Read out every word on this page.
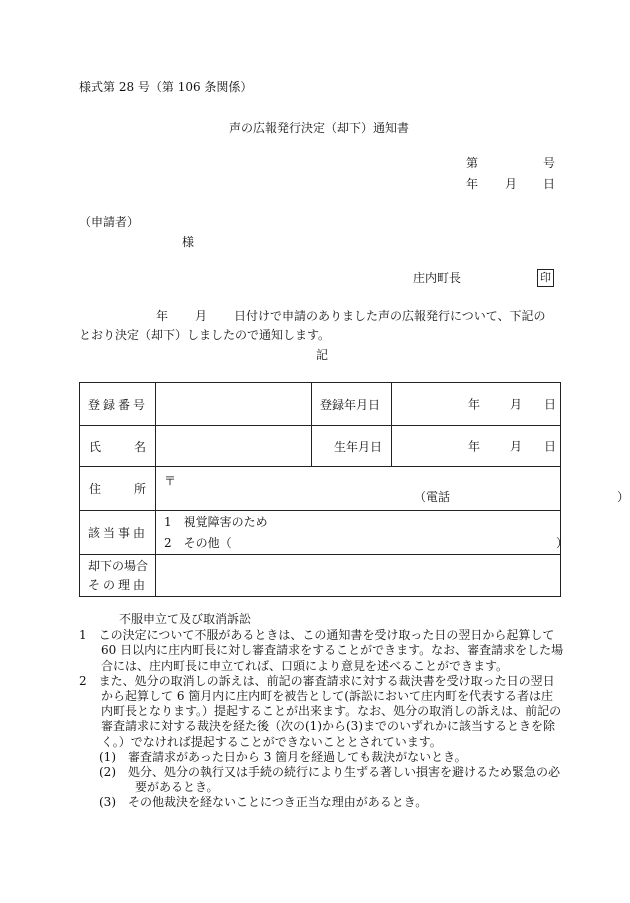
様式第 28 号（第 106 条関係）
声の広報発行決定（却下）通知書
第	号
年 月 日
（申請者）
様
庄内町長	印
年 月 日付けで申請のありました声の広報発行について、下記の
とおり決定（却下）しましたので通知します。
記
登録番号		登録年月日	年 月 日

氏 名		生年月日	年 月 日

住 所	〒
（電話 ）		

該当事由	1　視覚障害のため
2　その他（ ）		

却下の場合
その理由			

不服申立て及び取消訴訟
1　この決定について不服があるときは、この通知書を受け取った日の翌日から起算して 60 日以内に庄内町長に対し審査請求をすることができます。なお、審査請求をした場合には、庄内町長に申立てれば、口頭により意見を述べることができます。
2　また、処分の取消しの訴えは、前記の審査請求に対する裁決書を受け取った日の翌日から起算して 6 箇月内に庄内町を被告として(訴訟において庄内町を代表する者は庄内町長となります。）提起することが出来ます。なお、処分の取消しの訴えは、前記の審査請求に対する裁決を経た後（次の(1)から(3)までのいずれかに該当するときを除く。）でなければ提起することができないこととされています。
(1)　審査請求があった日から 3 箇月を経過しても裁決がないとき。
(2)　処分、処分の執行又は手続の続行により生ずる著しい損害を避けるため緊急の必要があるとき。
(3)　その他裁決を経ないことにつき正当な理由があるとき。
